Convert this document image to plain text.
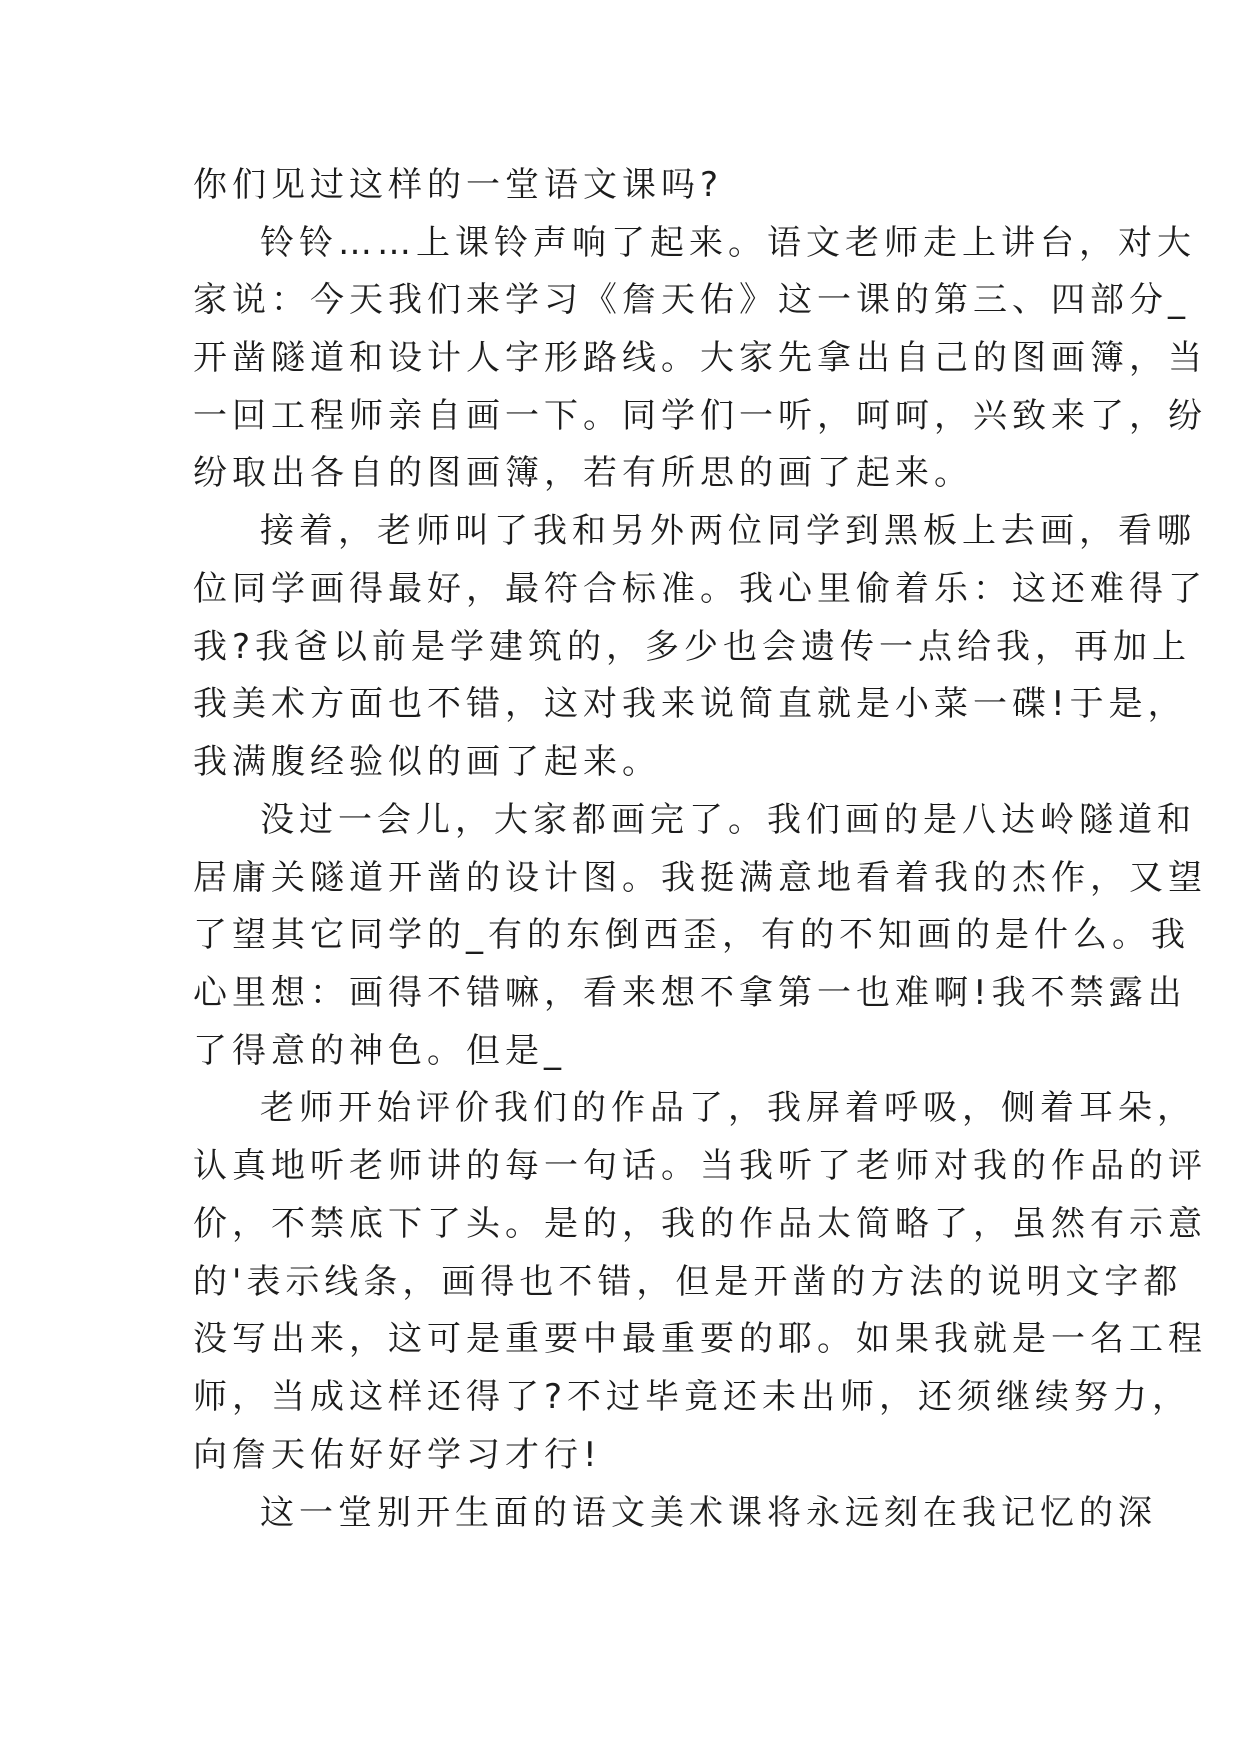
你们见过这样的一堂语文课吗?
铃铃……上课铃声响了起来。语文老师走上讲台，对大
家说：今天我们来学习《詹天佑》这一课的第三、四部分_
开凿隧道和设计人字形路线。大家先拿出自己的图画簿，当
一回工程师亲自画一下。同学们一听，呵呵，兴致来了，纷
纷取出各自的图画簿，若有所思的画了起来。
接着，老师叫了我和另外两位同学到黑板上去画，看哪
位同学画得最好，最符合标准。我心里偷着乐：这还难得了
我?我爸以前是学建筑的，多少也会遗传一点给我，再加上
我美术方面也不错，这对我来说简直就是小菜一碟!于是，
我满腹经验似的画了起来。
没过一会儿，大家都画完了。我们画的是八达岭隧道和
居庸关隧道开凿的设计图。我挺满意地看着我的杰作，又望
了望其它同学的_有的东倒西歪，有的不知画的是什么。我
心里想：画得不错嘛，看来想不拿第一也难啊!我不禁露出
了得意的神色。但是_
老师开始评价我们的作品了，我屏着呼吸，侧着耳朵，
认真地听老师讲的每一句话。当我听了老师对我的作品的评
价，不禁底下了头。是的，我的作品太简略了，虽然有示意
的'表示线条，画得也不错，但是开凿的方法的说明文字都
没写出来，这可是重要中最重要的耶。如果我就是一名工程
师，当成这样还得了?不过毕竟还未出师，还须继续努力，
向詹天佑好好学习才行!
这一堂别开生面的语文美术课将永远刻在我记忆的深
